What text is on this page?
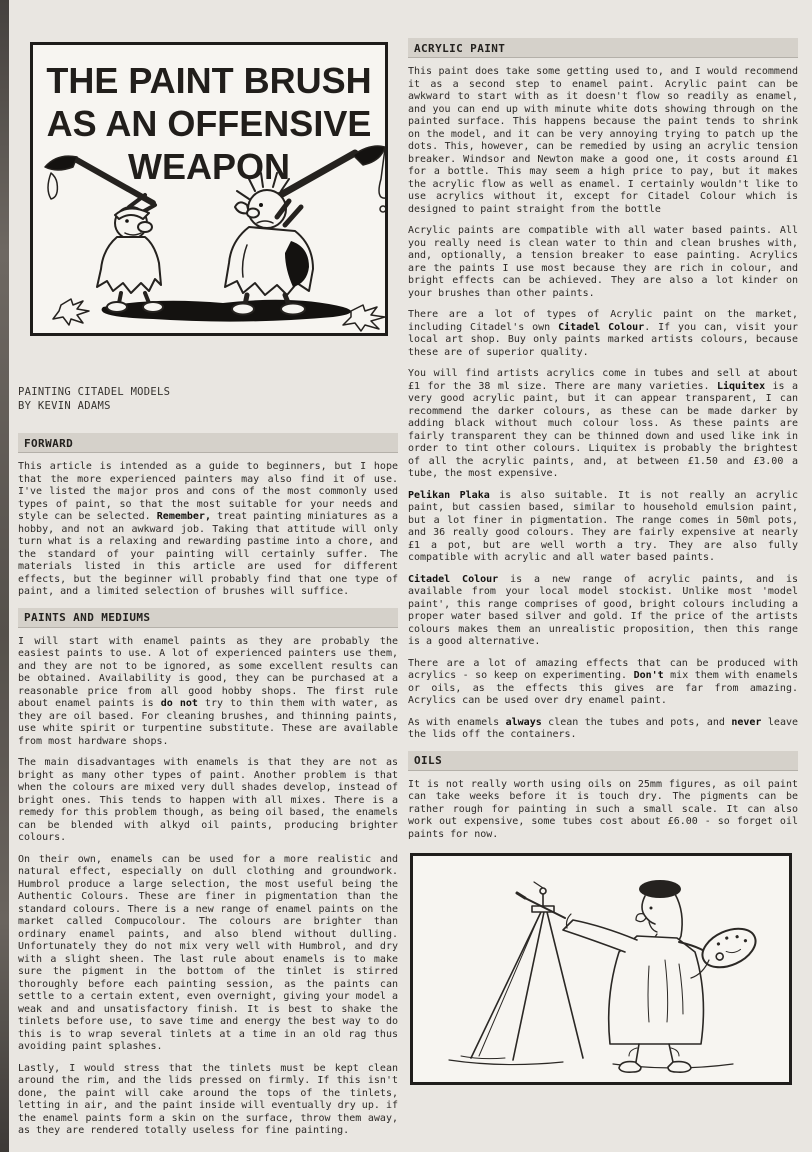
THE PAINT BRUSH
AS AN OFFENSIVE
WEAPON
PAINTING CITADEL MODELS
BY KEVIN ADAMS
FORWARD

This article is intended as a guide to beginners, but I hope that the more experienced painters may also find it of use. I've listed the major pros and cons of the most commonly used types of paint, so that the most suitable for your needs and style can be selected. Remember, treat painting miniatures as a hobby, and not an awkward job. Taking that attitude will only turn what is a relaxing and rewarding pastime into a chore, and the standard of your painting will certainly suffer. The materials listed in this article are used for different effects, but the beginner will probably find that one type of paint, and a limited selection of brushes will suffice.

PAINTS AND MEDIUMS

I will start with enamel paints as they are probably the easiest paints to use. A lot of experienced painters use them, and they are not to be ignored, as some excellent results can be obtained. Availability is good, they can be purchased at a reasonable price from all good hobby shops. The first rule about enamel paints is do not try to thin them with water, as they are oil based. For cleaning brushes, and thinning paints, use white spirit or turpentine substitute. These are available from most hardware shops.

The main disadvantages with enamels is that they are not as bright as many other types of paint. Another problem is that when the colours are mixed very dull shades develop, instead of bright ones. This tends to happen with all mixes. There is a remedy for this problem though, as being oil based, the enamels can be blended with alkyd oil paints, producing brighter colours.

On their own, enamels can be used for a more realistic and natural effect, especially on dull clothing and groundwork. Humbrol produce a large selection, the most useful being the Authentic Colours. These are finer in pigmentation than the standard colours. There is a new range of enamel paints on the market called Compucolour. The colours are brighter than ordinary enamel paints, and also blend without dulling. Unfortunately they do not mix very well with Humbrol, and dry with a slight sheen. The last rule about enamels is to make sure the pigment in the bottom of the tinlet is stirred thoroughly before each painting session, as the paints can settle to a certain extent, even overnight, giving your model a weak and and unsatisfactory finish. It is best to shake the tinlets before use, to save time and energy the best way to do this is to wrap several tinlets at a time in an old rag thus avoiding paint splashes.

Lastly, I would stress that the tinlets must be kept clean around the rim, and the lids pressed on firmly. If this isn't done, the paint will cake around the tops of the tinlets, letting in air, and the paint inside will eventually dry up. if the enamel paints form a skin on the surface, throw them away, as they are rendered totally useless for fine painting.

ACRYLIC PAINT

This paint does take some getting used to, and I would recommend it as a second step to enamel paint. Acrylic paint can be awkward to start with as it doesn't flow so readily as enamel, and you can end up with minute white dots showing through on the painted surface. This happens because the paint tends to shrink on the model, and it can be very annoying trying to patch up the dots. This, however, can be remedied by using an acrylic tension breaker. Windsor and Newton make a good one, it costs around £1 for a bottle. This may seem a high price to pay, but it makes the acrylic flow as well as enamel. I certainly wouldn't like to use acrylics without it, except for Citadel Colour which is designed to paint straight from the bottle

Acrylic paints are compatible with all water based paints. All you really need is clean water to thin and clean brushes with, and, optionally, a tension breaker to ease painting. Acrylics are the paints I use most because they are rich in colour, and bright effects can be achieved. They are also a lot kinder on your brushes than other paints.

There are a lot of types of Acrylic paint on the market, including Citadel's own Citadel Colour. If you can, visit your local art shop. Buy only paints marked artists colours, because these are of superior quality.

You will find artists acrylics come in tubes and sell at about £1 for the 38 ml size. There are many varieties. Liquitex is a very good acrylic paint, but it can appear transparent, I can recommend the darker colours, as these can be made darker by adding black without much colour loss. As these paints are fairly transparent they can be thinned down and used like ink in order to tint other colours. Liquitex is probably the brightest of all the acrylic paints, and, at between £1.50 and £3.00 a tube, the most expensive.

Pelikan Plaka is also suitable. It is not really an acrylic paint, but cassien based, similar to household emulsion paint, but a lot finer in pigmentation. The range comes in 50ml pots, and 36 really good colours. They are fairly expensive at nearly £1 a pot, but are well worth a try. They are also fully compatible with acrylic and all water based paints.

Citadel Colour is a new range of acrylic paints, and is available from your local model stockist. Unlike most 'model paint', this range comprises of good, bright colours including a proper water based silver and gold. If the price of the artists colours makes them an unrealistic proposition, then this range is a good alternative.

There are a lot of amazing effects that can be produced with acrylics - so keep on experimenting. Don't mix them with enamels or oils, as the effects this gives are far from amazing. Acrylics can be used over dry enamel paint.

As with enamels always clean the tubes and pots, and never leave the lids off the containers.

OILS

It is not really worth using oils on 25mm figures, as oil paint can take weeks before it is touch dry. The pigments can be rather rough for painting in such a small scale. It can also work out expensive, some tubes cost about £6.00 - so forget oil paints for now.
